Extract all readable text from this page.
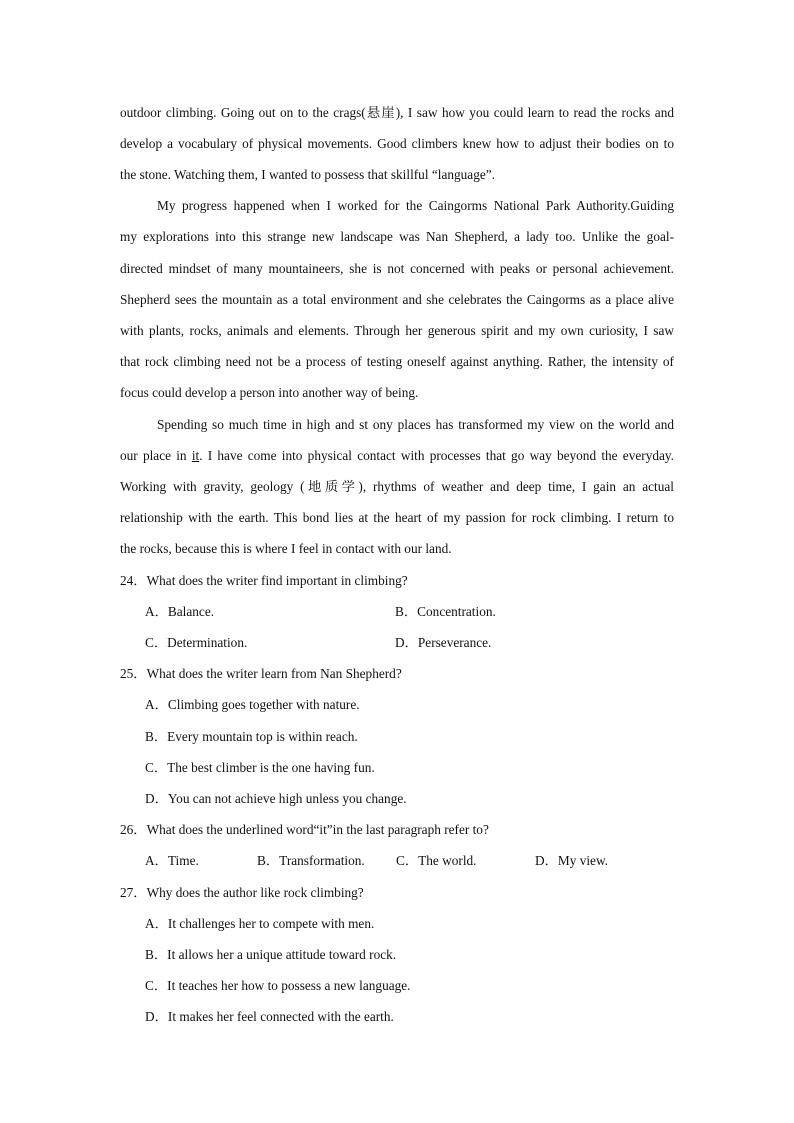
outdoor climbing. Going out on to the crags(悬崖), I saw how you could learn to read the rocks and
develop a vocabulary of physical movements. Good climbers knew how to adjust their bodies on to
the stone. Watching them, I wanted to possess that skillful “language”.
My progress happened when I worked for the Caingorms National Park Authority.Guiding
my explorations into this strange new landscape was Nan Shepherd, a lady too. Unlike the goal-
directed mindset of many mountaineers, she is not concerned with peaks or personal achievement.
Shepherd sees the mountain as a total environment and she celebrates the Caingorms as a place alive
with plants, rocks, animals and elements. Through her generous spirit and my own curiosity, I saw
that rock climbing need not be a process of testing oneself against anything. Rather, the intensity of
focus could develop a person into another way of being.
Spending so much time in high and st ony places has transformed my view on the world and
our place in it. I have come into physical contact with processes that go way beyond the everyday.
Working with gravity, geology (地质学), rhythms of weather and deep time, I gain an actual
relationship with the earth. This bond lies at the heart of my passion for rock climbing. I return to
the rocks, because this is where I feel in contact with our land.
24．What does the writer find important in climbing?
A．Balance.	B．Concentration.
C．Determination.	D．Perseverance.
25．What does the writer learn from Nan Shepherd?
A．Climbing goes together with nature.
B．Every mountain top is within reach.
C．The best climber is the one having fun.
D．You can not achieve high unless you change.
26．What does the underlined word“it”in the last paragraph refer to?
A．Time.	B．Transformation. C．The world.	D．My view.
27．Why does the author like rock climbing?
A．It challenges her to compete with men.
B．It allows her a unique attitude toward rock.
C．It teaches her how to possess a new language.
D．It makes her feel connected with the earth.
